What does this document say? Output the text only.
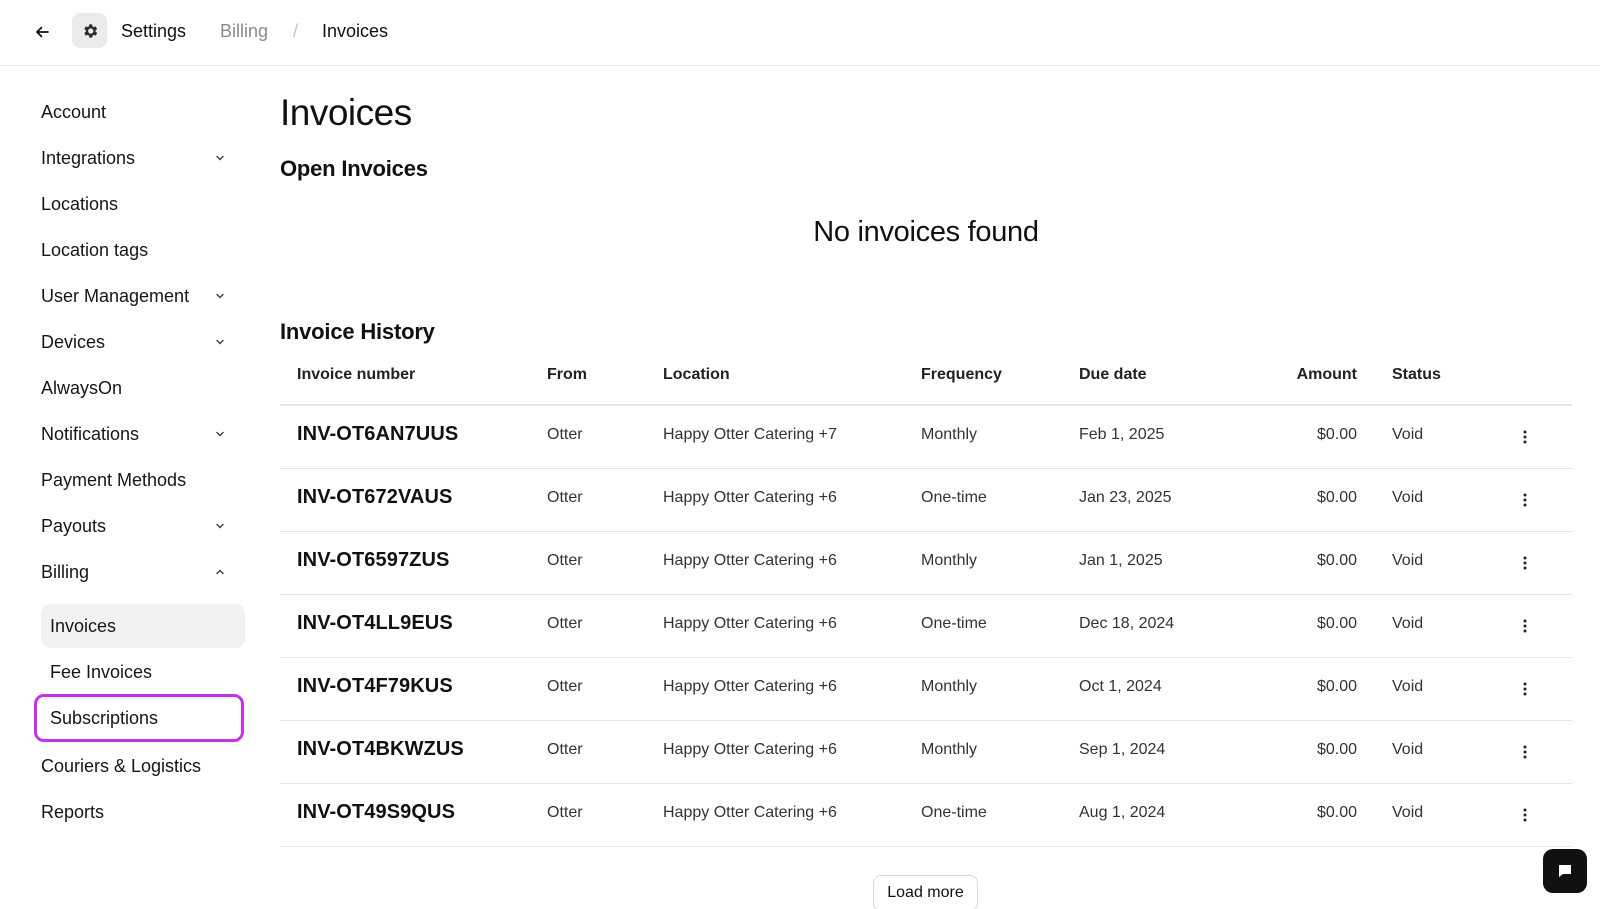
Settings Billing / Invoices
Account
Integrations
Locations
Location tags
User Management
Devices
AlwaysOn
Notifications
Payment Methods
Payouts
Billing
Invoices
Fee Invoices
Subscriptions
Couriers & Logistics
Reports
Invoices
Open Invoices
No invoices found
Invoice History
Invoice number	From	Location	Frequency	Due date	Amount Status
INV-OT6AN7UUS	Otter	Happy Otter Catering +7	Monthly	Feb 1, 2025	$0.00 Void
INV-OT672VAUS	Otter	Happy Otter Catering +6	One-time	Jan 23, 2025	$0.00 Void
INV-OT6597ZUS	Otter	Happy Otter Catering +6	Monthly	Jan 1, 2025	$0.00 Void
INV-OT4LL9EUS	Otter	Happy Otter Catering +6	One-time	Dec 18, 2024	$0.00 Void
INV-OT4F79KUS	Otter	Happy Otter Catering +6	Monthly	Oct 1, 2024	$0.00 Void
INV-OT4BKWZUS	Otter	Happy Otter Catering +6	Monthly	Sep 1, 2024	$0.00 Void
INV-OT49S9QUS	Otter	Happy Otter Catering +6	One-time	Aug 1, 2024	$0.00 Void
Load more
